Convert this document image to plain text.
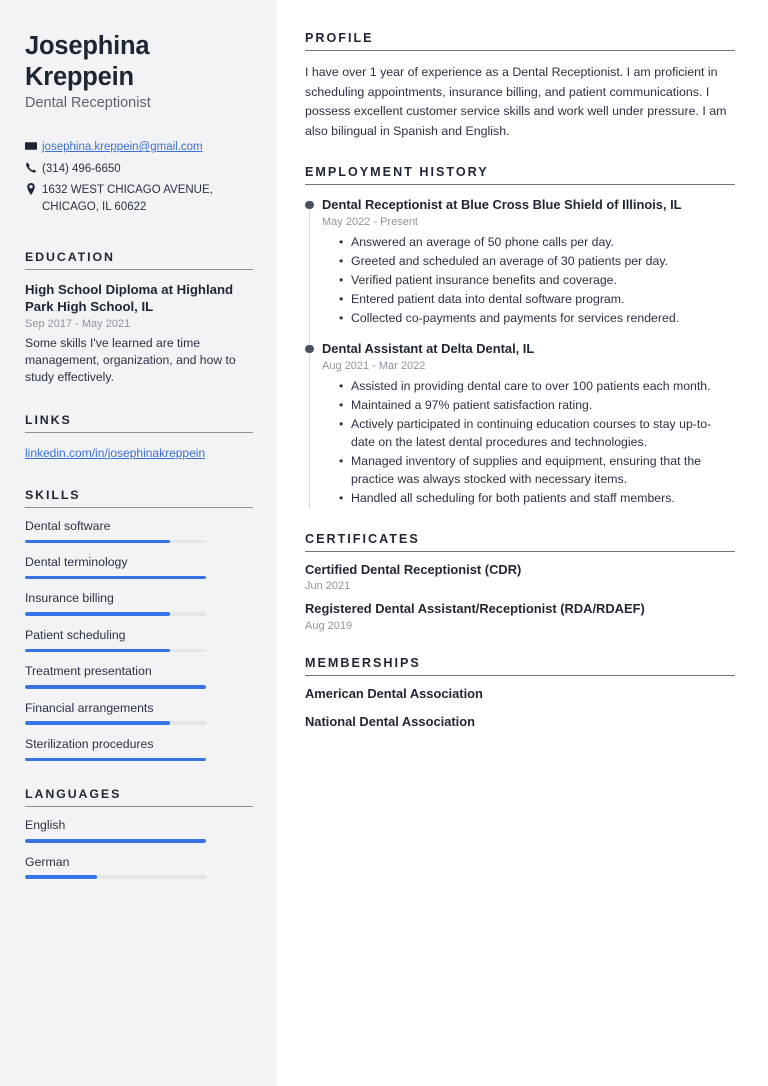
Josephina Kreppein
Dental Receptionist
josephina.kreppein@gmail.com
(314) 496-6650
1632 WEST CHICAGO AVENUE, CHICAGO, IL 60622
EDUCATION
High School Diploma at Highland Park High School, IL
Sep 2017 - May 2021
Some skills I've learned are time management, organization, and how to study effectively.
LINKS
linkedin.com/in/josephinakreppein
SKILLS
Dental software
Dental terminology
Insurance billing
Patient scheduling
Treatment presentation
Financial arrangements
Sterilization procedures
LANGUAGES
English
German
PROFILE

I have over 1 year of experience as a Dental Receptionist. I am proficient in scheduling appointments, insurance billing, and patient communications. I possess excellent customer service skills and work well under pressure. I am also bilingual in Spanish and English.

EMPLOYMENT HISTORY
Dental Receptionist at Blue Cross Blue Shield of Illinois, IL
May 2022 - Present
• Answered an average of 50 phone calls per day.
• Greeted and scheduled an average of 30 patients per day.
• Verified patient insurance benefits and coverage.
• Entered patient data into dental software program.
• Collected co-payments and payments for services rendered.
Dental Assistant at Delta Dental, IL
Aug 2021 - Mar 2022
• Assisted in providing dental care to over 100 patients each month.
• Maintained a 97% patient satisfaction rating.
• Actively participated in continuing education courses to stay up-to-date on the latest dental procedures and technologies.
• Managed inventory of supplies and equipment, ensuring that the practice was always stocked with necessary items.
• Handled all scheduling for both patients and staff members.
CERTIFICATES
Certified Dental Receptionist (CDR)
Jun 2021
Registered Dental Assistant/Receptionist (RDA/RDAEF)
Aug 2019
MEMBERSHIPS
American Dental Association
National Dental Association
